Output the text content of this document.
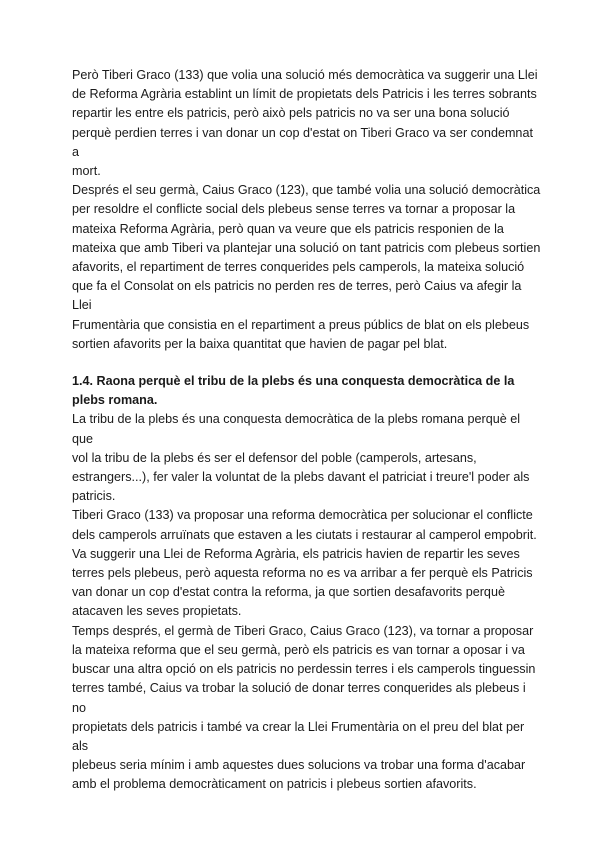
Però Tiberi Graco (133) que volia una solució més democràtica va suggerir una Llei
de Reforma Agrària establint un límit de propietats dels Patricis i les terres sobrants
repartir les entre els patricis, però això pels patricis no va ser una bona solució
perquè perdien terres i van donar un cop d'estat on Tiberi Graco va ser condemnat a
mort.

Després el seu germà, Caius Graco (123), que també volia una solució democràtica
per resoldre el conflicte social dels plebeus sense terres va tornar a proposar la
mateixa Reforma Agrària, però quan va veure que els patricis responien de la
mateixa que amb Tiberi va plantejar una solució on tant patricis com plebeus sortien
afavorits, el repartiment de terres conquerides pels camperols, la mateixa solució
que fa el Consolat on els patricis no perden res de terres, però Caius va afegir la Llei
Frumentària que consistia en el repartiment a preus públics de blat on els plebeus
sortien afavorits per la baixa quantitat que havien de pagar pel blat.

1.4. Raona perquè el tribu de la plebs és una conquesta democràtica de la
plebs romana.

La tribu de la plebs és una conquesta democràtica de la plebs romana perquè el que
vol la tribu de la plebs és ser el defensor del poble (camperols, artesans,
estrangers...), fer valer la voluntat de la plebs davant el patriciat i treure'l poder als
patricis.

Tiberi Graco (133) va proposar una reforma democràtica per solucionar el conflicte
dels camperols arruïnats que estaven a les ciutats i restaurar al camperol empobrit.
Va suggerir una Llei de Reforma Agrària, els patricis havien de repartir les seves
terres pels plebeus, però aquesta reforma no es va arribar a fer perquè els Patricis
van donar un cop d'estat contra la reforma, ja que sortien desafavorits perquè
atacaven les seves propietats.

Temps després, el germà de Tiberi Graco, Caius Graco (123), va tornar a proposar
la mateixa reforma que el seu germà, però els patricis es van tornar a oposar i va
buscar una altra opció on els patricis no perdessin terres i els camperols tinguessin
terres també, Caius va trobar la solució de donar terres conquerides als plebeus i no
propietats dels patricis i també va crear la Llei Frumentària on el preu del blat per als
plebeus seria mínim i amb aquestes dues solucions va trobar una forma d'acabar
amb el problema democràticament on patricis i plebeus sortien afavorits.
